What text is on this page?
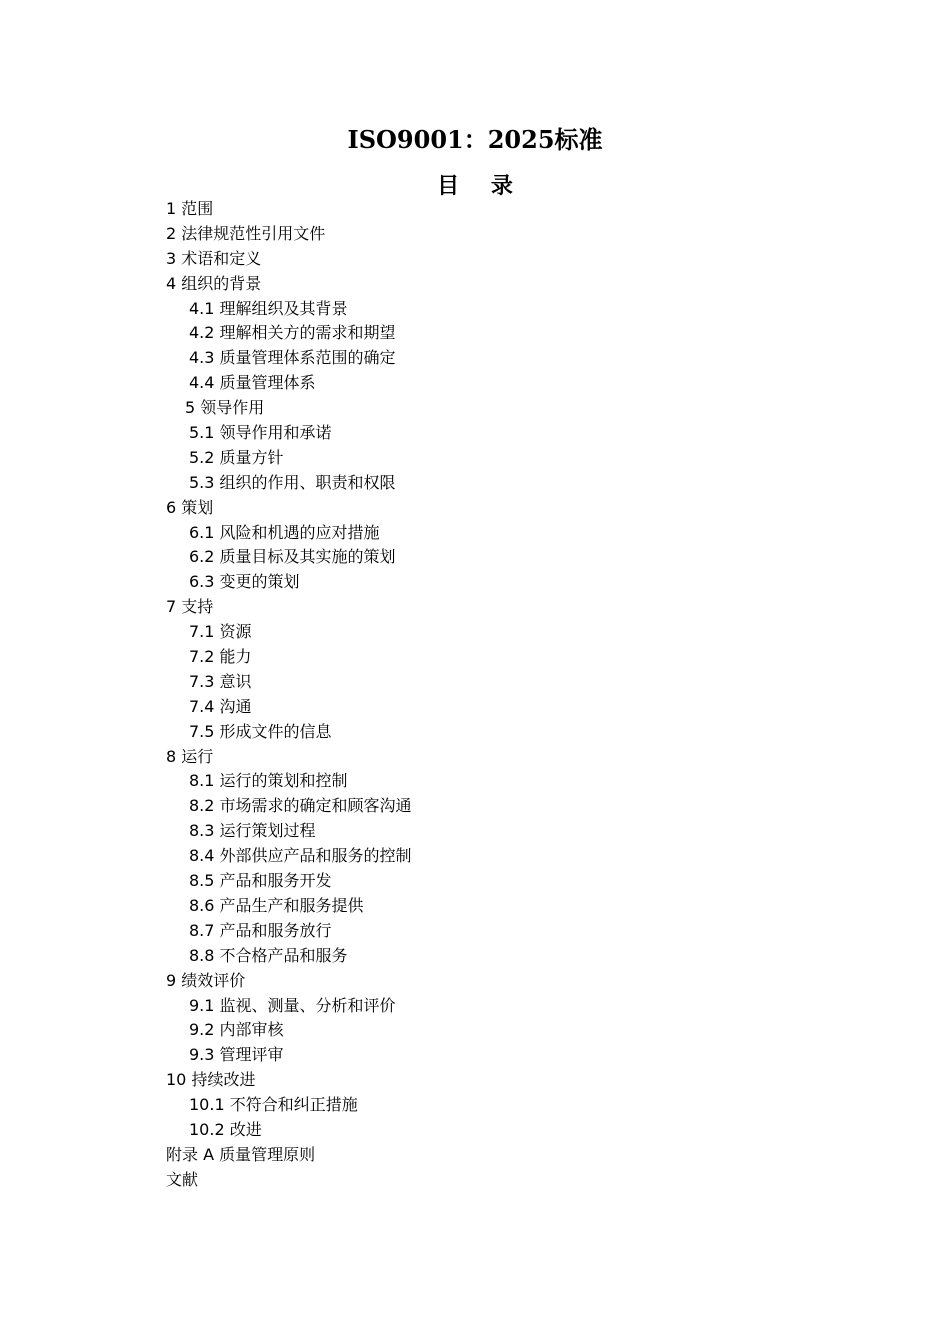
ISO9001：2025标准
目 录
1 范围
2 法律规范性引用文件
3 术语和定义
4 组织的背景
4.1 理解组织及其背景
4.2 理解相关方的需求和期望
4.3 质量管理体系范围的确定
4.4 质量管理体系
5 领导作用
5.1 领导作用和承诺
5.2 质量方针
5.3 组织的作用、职责和权限
6 策划
6.1 风险和机遇的应对措施
6.2 质量目标及其实施的策划
6.3 变更的策划
7 支持
7.1 资源
7.2 能力
7.3 意识
7.4 沟通
7.5 形成文件的信息
8 运行
8.1 运行的策划和控制
8.2 市场需求的确定和顾客沟通
8.3 运行策划过程
8.4 外部供应产品和服务的控制
8.5 产品和服务开发
8.6 产品生产和服务提供
8.7 产品和服务放行
8.8 不合格产品和服务
9 绩效评价
9.1 监视、测量、分析和评价
9.2 内部审核
9.3 管理评审
10 持续改进
10.1 不符合和纠正措施
10.2 改进
附录 A 质量管理原则
文献
